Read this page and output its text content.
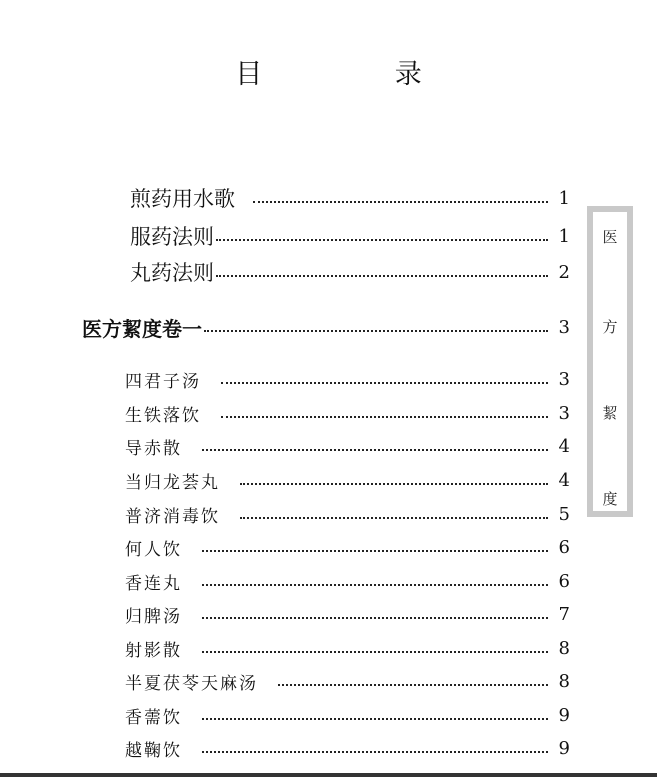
目 录
煎药用水歌	1
服药法则	1
丸药法则	2
医方絜度卷一	3
四君子汤	3
生铁落饮	3
导赤散	4
当归龙荟丸	4
普济消毒饮	5
何人饮	6
香连丸	6
归脾汤	7
射影散	8
半夏茯苓天麻汤	8
香薷饮	9
越鞠饮	9
医
方
絜
度
